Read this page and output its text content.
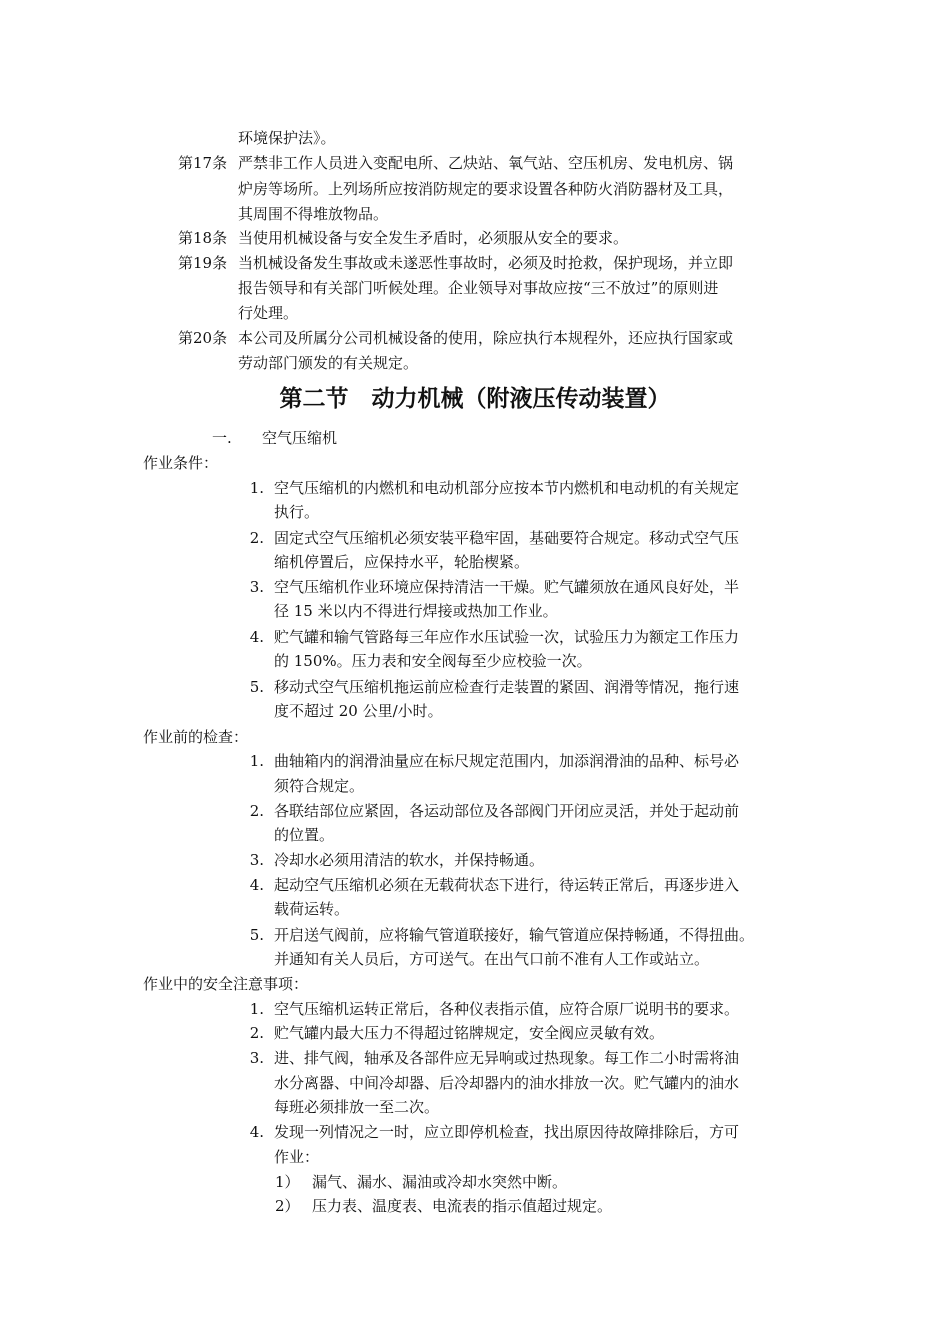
环境保护法》。
第17条 严禁非工作人员进入变配电所、乙炔站、氧气站、空压机房、发电机房、锅
炉房等场所。上列场所应按消防规定的要求设置各种防火消防器材及工具，
其周围不得堆放物品。
第18条 当使用机械设备与安全发生矛盾时，必须服从安全的要求。
第19条 当机械设备发生事故或未遂恶性事故时，必须及时抢救，保护现场，并立即
报告领导和有关部门听候处理。企业领导对事故应按“三不放过”的原则进
行处理。
第20条 本公司及所属分公司机械设备的使用，除应执行本规程外，还应执行国家或
劳动部门颁发的有关规定。
第二节　动力机械（附液压传动装置）
一. 空气压缩机
作业条件：
1. 空气压缩机的内燃机和电动机部分应按本节内燃机和电动机的有关规定
执行。
2. 固定式空气压缩机必须安装平稳牢固，基础要符合规定。移动式空气压
缩机停置后，应保持水平，轮胎楔紧。
3. 空气压缩机作业环境应保持清洁一干燥。贮气罐须放在通风良好处，半
径 15 米以内不得进行焊接或热加工作业。
4. 贮气罐和输气管路每三年应作水压试验一次，试验压力为额定工作压力
的 150%。压力表和安全阀每至少应校验一次。
5. 移动式空气压缩机拖运前应检查行走装置的紧固、润滑等情况，拖行速
度不超过 20 公里/小时。
作业前的检查：
1. 曲轴箱内的润滑油量应在标尺规定范围内，加添润滑油的品种、标号必
须符合规定。
2. 各联结部位应紧固，各运动部位及各部阀门开闭应灵活，并处于起动前
的位置。
3. 冷却水必须用清洁的软水，并保持畅通。
4. 起动空气压缩机必须在无载荷状态下进行，待运转正常后，再逐步进入
载荷运转。
5. 开启送气阀前，应将输气管道联接好，输气管道应保持畅通，不得扭曲。
并通知有关人员后，方可送气。在出气口前不准有人工作或站立。
作业中的安全注意事项：
1. 空气压缩机运转正常后，各种仪表指示值，应符合原厂说明书的要求。
2. 贮气罐内最大压力不得超过铭牌规定，安全阀应灵敏有效。
3. 进、排气阀，轴承及各部件应无异响或过热现象。每工作二小时需将油
水分离器、中间冷却器、后冷却器内的油水排放一次。贮气罐内的油水
每班必须排放一至二次。
4. 发现一列情况之一时，应立即停机检查，找出原因待故障排除后，方可
作业：
1） 漏气、漏水、漏油或冷却水突然中断。
2） 压力表、温度表、电流表的指示值超过规定。
